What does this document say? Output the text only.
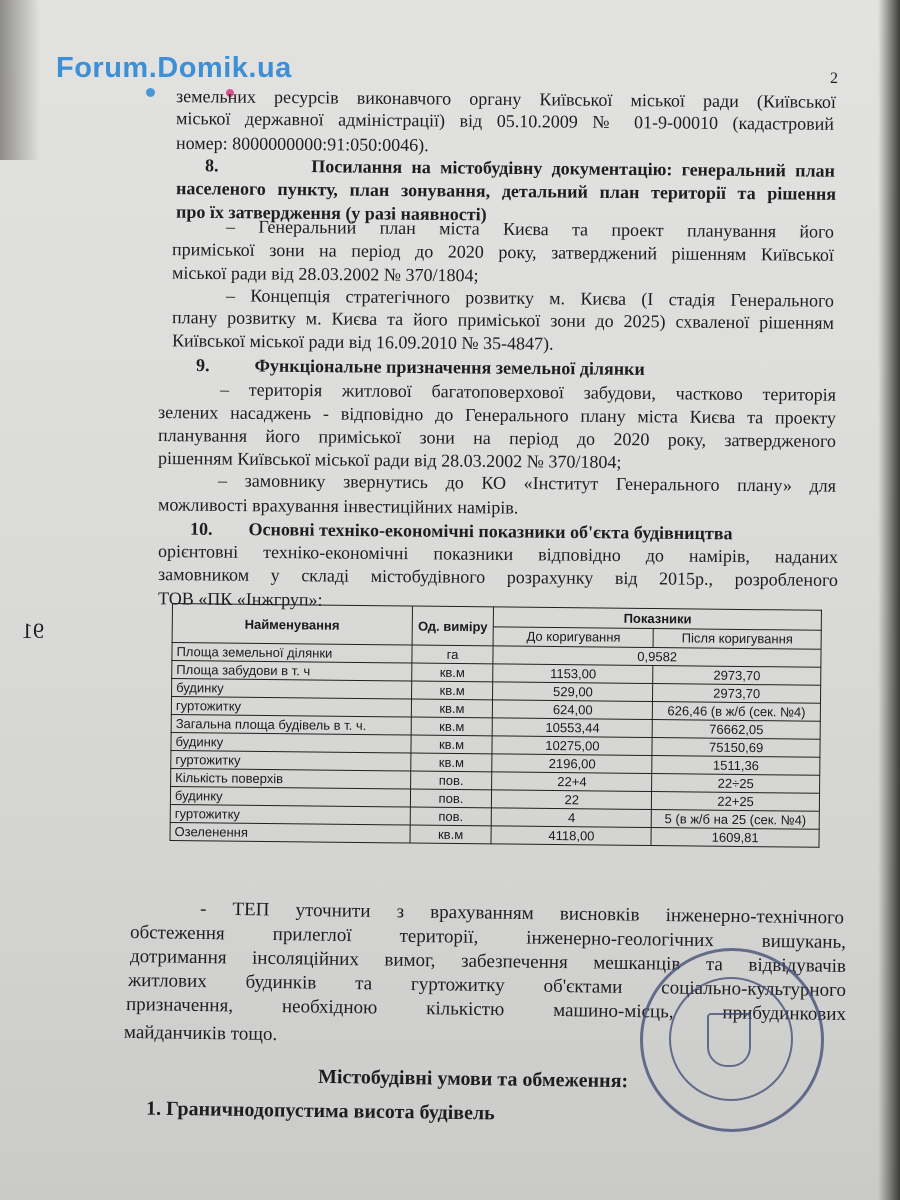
Forum.Domik.ua	2
91
земельних ресурсів виконавчого органу Київської міської ради (Київської
міської державної адміністрації) від 05.10.2009 № 01-9-00010 (кадастровий
номер: 8000000000:91:050:0046).
8.          Посилання на містобудівну документацію: генеральний план
населеного пункту, план зонування, детальний план території та рішення
про їх затвердження (у разі наявності)
– Генеральний план міста Києва та проект планування його
приміської зони на період до 2020 року, затверджений рішенням Київської
міської ради від 28.03.2002 № 370/1804;
– Концепція стратегічного розвитку м. Києва (I стадія Генерального
плану розвитку м. Києва та його приміської зони до 2025) схваленої рішенням
Київської міської ради від 16.09.2010 № 35-4847).
9.          Функціональне призначення земельної ділянки
– територія житлової багатоповерхової забудови, частково територія
зелених насаджень - відповідно до Генерального плану міста Києва та проекту
планування його приміської зони на період до 2020 року, затвердженого
рішенням Київської міської ради від 28.03.2002 № 370/1804;
– замовнику звернутись до КО «Інститут Генерального плану» для
можливості врахування інвестиційних намірів.
10.        Основні техніко-економічні показники об'єкта будівництва
орієнтовні техніко-економічні показники відповідно до намірів, наданих
замовником у складі містобудівного розрахунку від 2015р., розробленого
ТОВ «ПК «Інжгруп»:
Найменування	Од. виміру	Показники	
		До коригування	Після коригування
Площа земельної ділянки	га	0,9582	
Площа забудови в т. ч	кв.м	1153,00	2973,70
будинку	кв.м	529,00	2973,70
гуртожитку	кв.м	624,00	626,46 (в ж/б (сек. №4)
Загальна площа будівель в т. ч.	кв.м	10553,44	76662,05
будинку	кв.м	10275,00	75150,69
гуртожитку	кв.м	2196,00	1511,36
Кількість поверхів	пов.	22+4	22÷25
будинку	пов.	22	22+25
гуртожитку	пов.	4	5 (в ж/б на 25 (сек. №4)
Озеленення	кв.м	4118,00	1609,81
- ТЕП уточнити з врахуванням висновків інженерно-технічного
обстеження прилеглої території, інженерно-геологічних вишукань,
дотримання інсоляційних вимог, забезпечення мешканців та відвідувачів
житлових будинків та гуртожитку об'єктами соціально-культурного
призначення, необхідною кількістю машино-місць, прибудинкових
майданчиків тощо.
Містобудівні умови та обмеження:
1. Граничнодопустима висота будівель
